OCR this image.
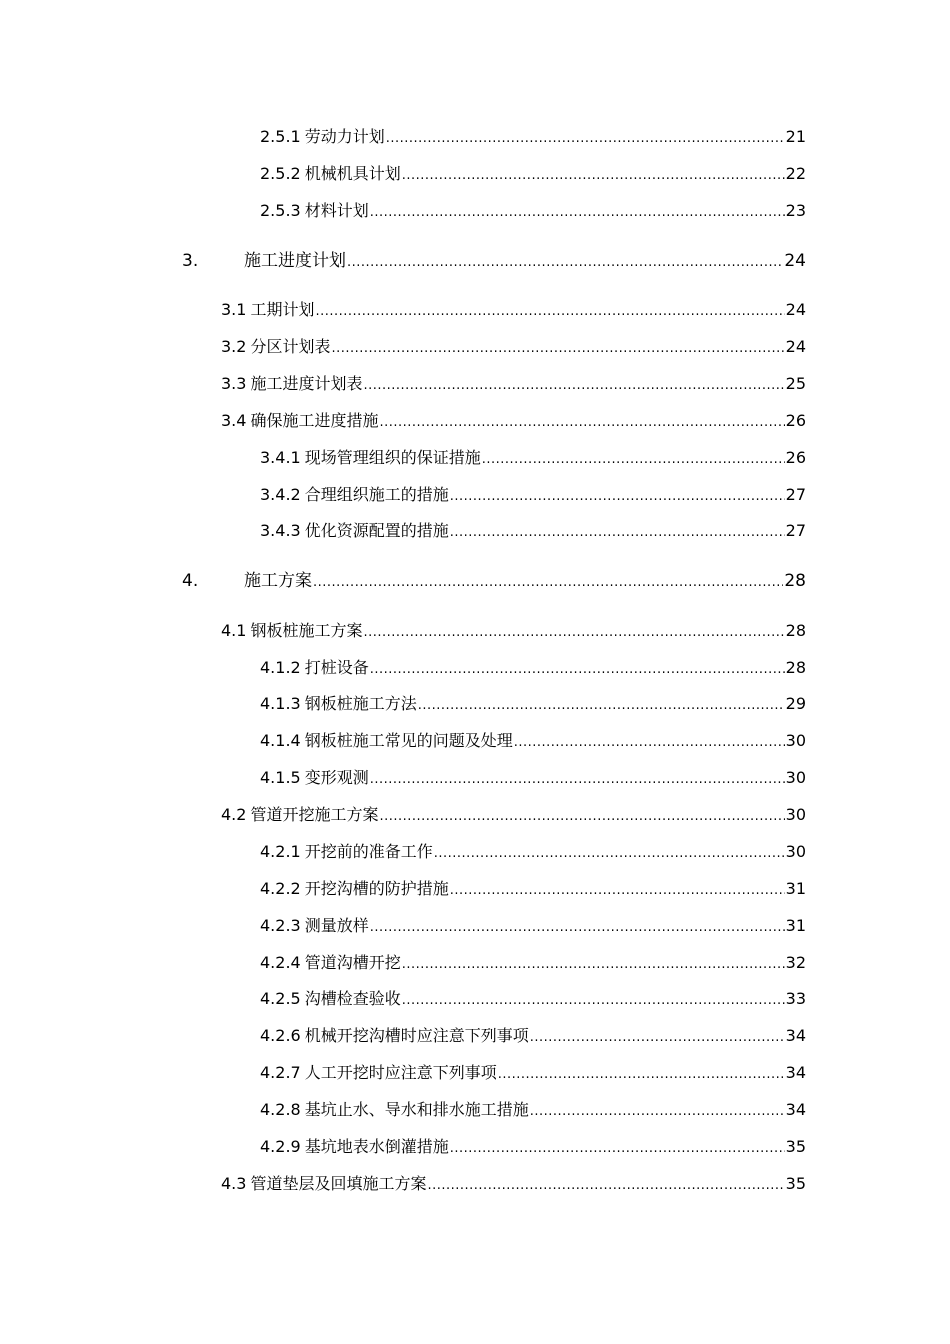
2.5.1 劳动力计划 .....	21
2.5.2 机械机具计划 .....	22
2.5.3 材料计划 .....	23
3.	施工进度计划 .....	24
3.1 工期计划 .....	24
3.2 分区计划表 .....	24
3.3 施工进度计划表 .....	25
3.4 确保施工进度措施 .....	26
3.4.1 现场管理组织的保证措施 .....	26
3.4.2 合理组织施工的措施 .....	27
3.4.3 优化资源配置的措施 .....	27
4.	施工方案 .....	28
4.1 钢板桩施工方案 .....	28
4.1.2 打桩设备 .....	28
4.1.3 钢板桩施工方法 .....	29
4.1.4 钢板桩施工常见的问题及处理 .....	30
4.1.5 变形观测 .....	30
4.2 管道开挖施工方案 .....	30
4.2.1 开挖前的准备工作 .....	30
4.2.2 开挖沟槽的防护措施 .....	31
4.2.3 测量放样 .....	31
4.2.4 管道沟槽开挖 .....	32
4.2.5 沟槽检查验收 .....	33
4.2.6 机械开挖沟槽时应注意下列事项 .....	34
4.2.7 人工开挖时应注意下列事项 .....	34
4.2.8 基坑止水、导水和排水施工措施 .....	34
4.2.9 基坑地表水倒灌措施 .....	35
4.3 管道垫层及回填施工方案 .....	35
